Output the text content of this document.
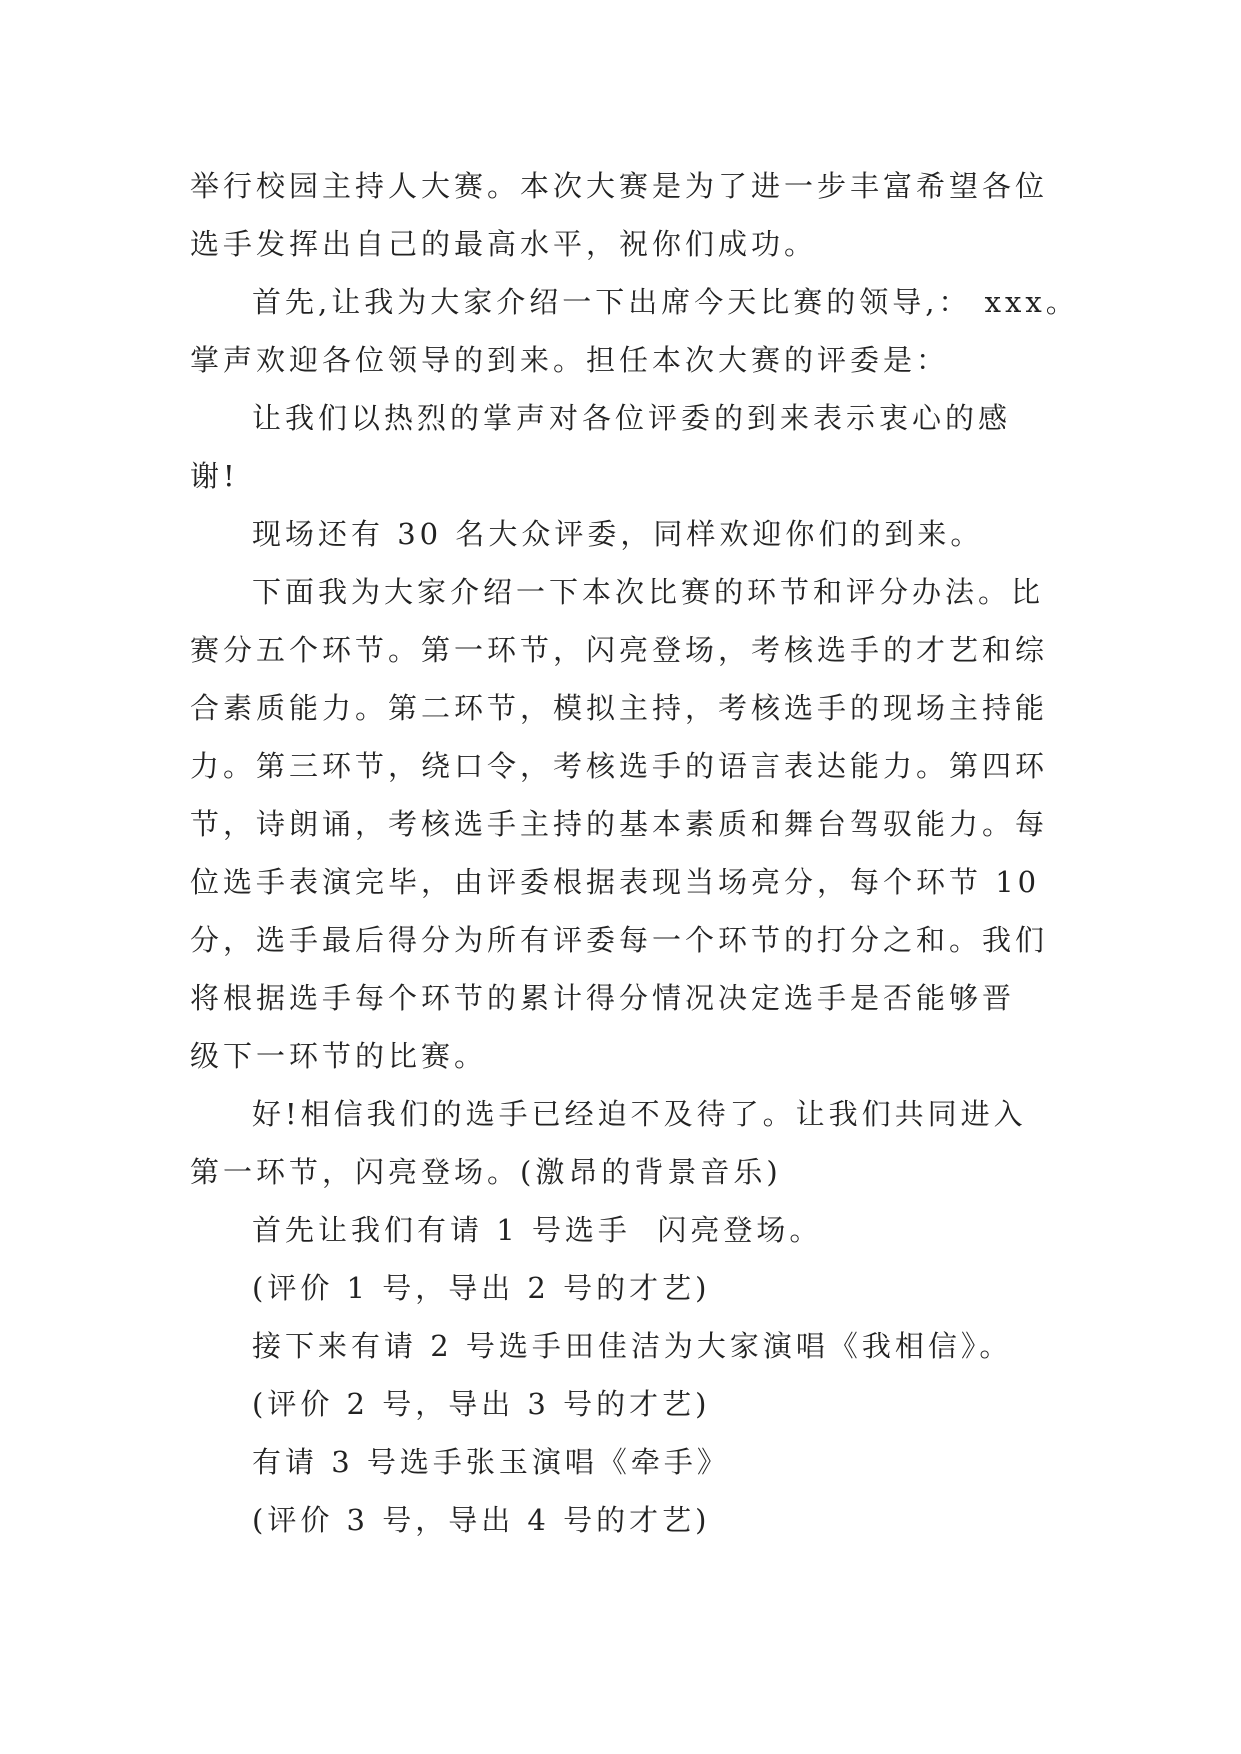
举行校园主持人大赛。本次大赛是为了进一步丰富希望各位
选手发挥出自己的最高水平，祝你们成功。

首先,让我为大家介绍一下出席今天比赛的领导,： xxx。

掌声欢迎各位领导的到来。担任本次大赛的评委是：

让我们以热烈的掌声对各位评委的到来表示衷心的感
谢!

现场还有 30 名大众评委，同样欢迎你们的到来。

下面我为大家介绍一下本次比赛的环节和评分办法。比
赛分五个环节。第一环节，闪亮登场，考核选手的才艺和综
合素质能力。第二环节，模拟主持，考核选手的现场主持能
力。第三环节，绕口令，考核选手的语言表达能力。第四环
节，诗朗诵，考核选手主持的基本素质和舞台驾驭能力。每
位选手表演完毕，由评委根据表现当场亮分，每个环节 10
分，选手最后得分为所有评委每一个环节的打分之和。我们
将根据选手每个环节的累计得分情况决定选手是否能够晋
级下一环节的比赛。

好!相信我们的选手已经迫不及待了。让我们共同进入
第一环节，闪亮登场。(激昂的背景音乐)

首先让我们有请 1 号选手  闪亮登场。

(评价 1 号，导出 2 号的才艺)

接下来有请 2 号选手田佳洁为大家演唱《我相信》。

(评价 2 号，导出 3 号的才艺)

有请 3 号选手张玉演唱《牵手》

(评价 3 号，导出 4 号的才艺)
